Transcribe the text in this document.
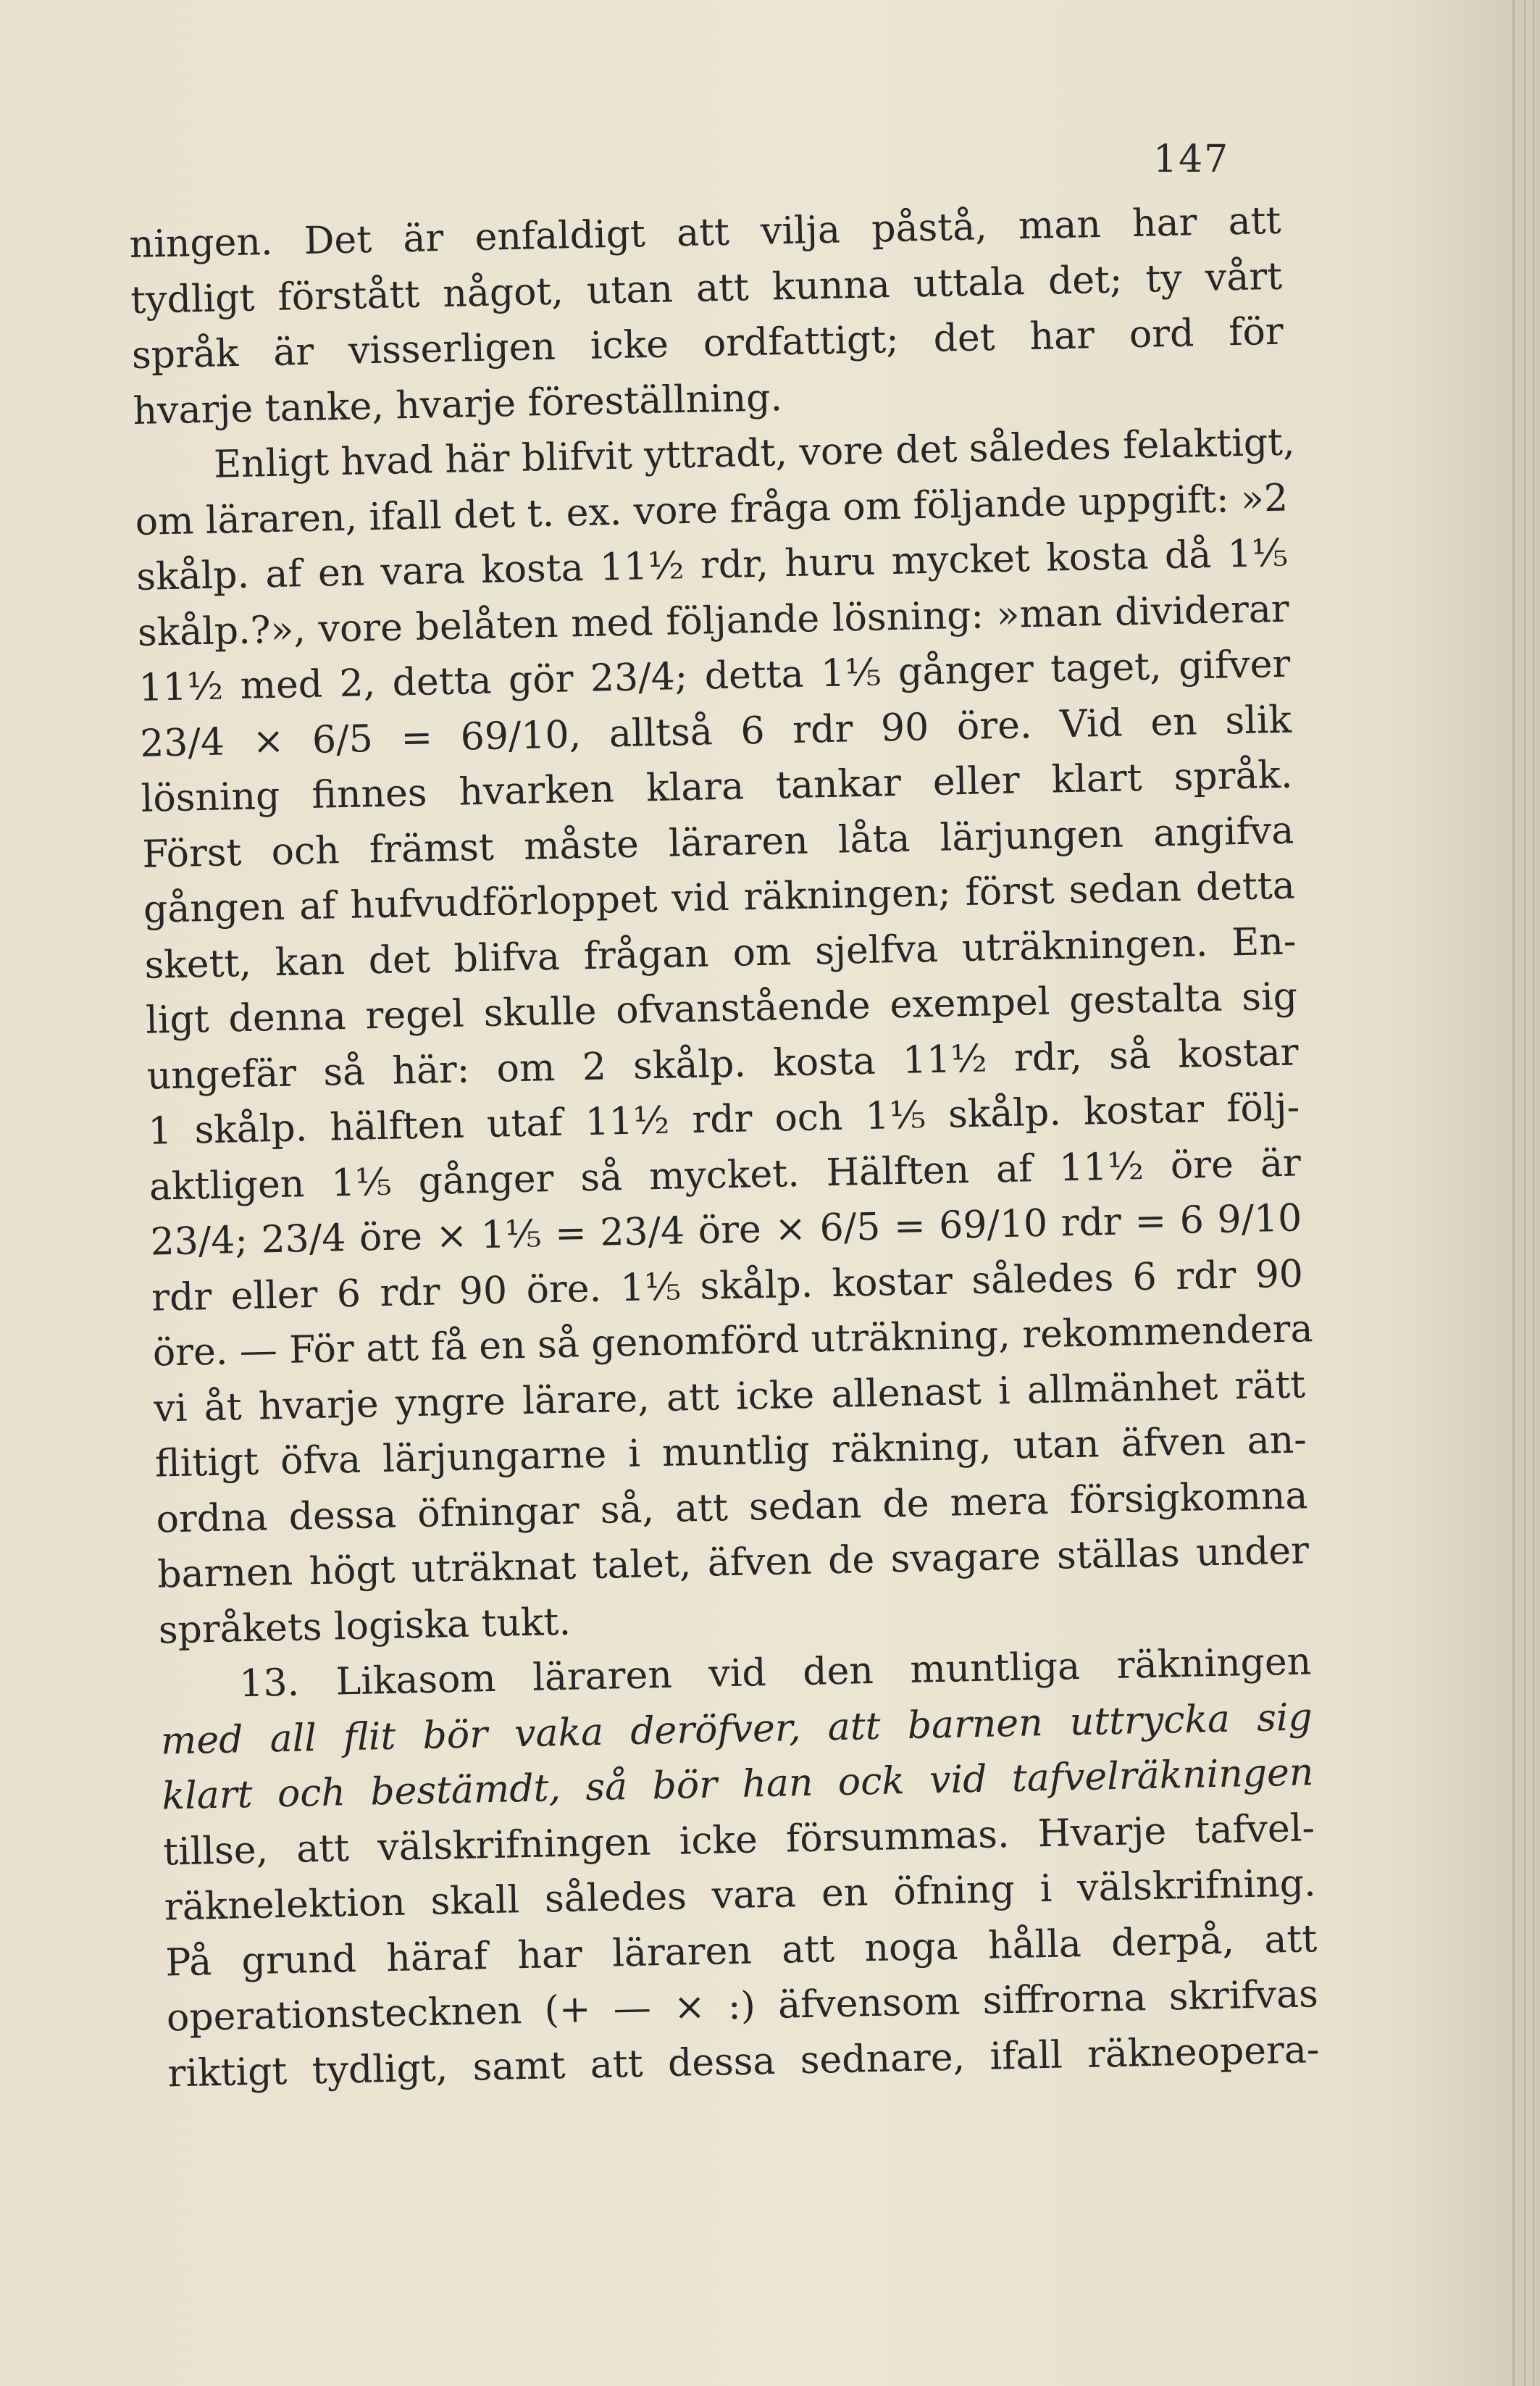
147
ningen. Det är enfaldigt att vilja påstå, man har att
tydligt förstått något, utan att kunna uttala det; ty vårt
språk är visserligen icke ordfattigt; det har ord för
hvarje tanke, hvarje föreställning.
Enligt hvad här blifvit yttradt, vore det således felaktigt,
om läraren, ifall det t. ex. vore fråga om följande uppgift: »2
skålp. af en vara kosta 11½ rdr, huru mycket kosta då 1⅕
skålp.?», vore belåten med följande lösning: »man dividerar
11½ med 2, detta gör 23/4; detta 1⅕ gånger taget, gifver
23/4 × 6/5 = 69/10, alltså 6 rdr 90 öre. Vid en slik
lösning finnes hvarken klara tankar eller klart språk.
Först och främst måste läraren låta lärjungen angifva
gången af hufvudförloppet vid räkningen; först sedan detta
skett, kan det blifva frågan om sjelfva uträkningen. En-
ligt denna regel skulle ofvanstående exempel gestalta sig
ungefär så här: om 2 skålp. kosta 11½ rdr, så kostar
1 skålp. hälften utaf 11½ rdr och 1⅕ skålp. kostar följ-
aktligen 1⅕ gånger så mycket. Hälften af 11½ öre är
23/4; 23/4 öre × 1⅕ = 23/4 öre × 6/5 = 69/10 rdr = 6 9/10
rdr eller 6 rdr 90 öre. 1⅕ skålp. kostar således 6 rdr 90
öre. — För att få en så genomförd uträkning, rekommendera
vi åt hvarje yngre lärare, att icke allenast i allmänhet rätt
flitigt öfva lärjungarne i muntlig räkning, utan äfven an-
ordna dessa öfningar så, att sedan de mera försigkomna
barnen högt uträknat talet, äfven de svagare ställas under
språkets logiska tukt.
13. Likasom läraren vid den muntliga räkningen
med all flit bör vaka deröfver, att barnen uttrycka sig
klart och bestämdt, så bör han ock vid tafvelräkningen
tillse, att välskrifningen icke försummas. Hvarje tafvel-
räknelektion skall således vara en öfning i välskrifning.
På grund häraf har läraren att noga hålla derpå, att
operationstecknen (+ — × :) äfvensom siffrorna skrifvas
riktigt tydligt, samt att dessa sednare, ifall räkneopera-
